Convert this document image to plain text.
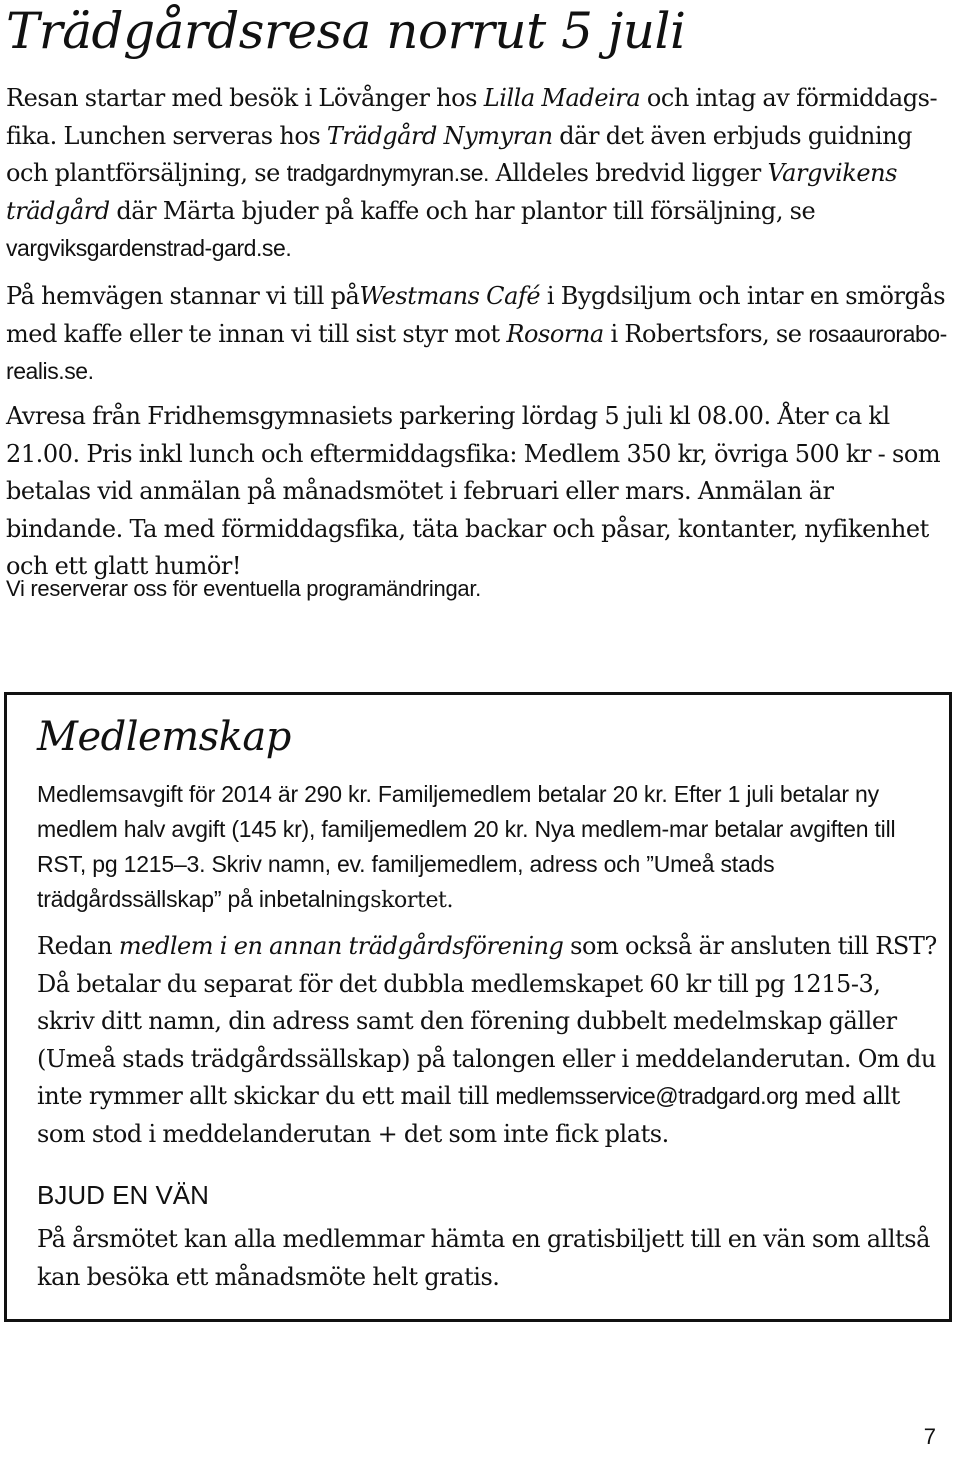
Trädgårdsresa norrut 5 juli

Resan startar med besök i Lövånger hos Lilla Madeira och intag av förmiddags-fika. Lunchen serveras hos Trädgård Nymyran där det även erbjuds guidning och plantförsäljning, se tradgardnymyran.se. Alldeles bredvid ligger Vargvikens trädgård där Märta bjuder på kaffe och har plantor till försäljning, se vargviksgardenstrad-gard.se.

På hemvägen stannar vi till påWestmans Café i Bygdsiljum och intar en smörgås med kaffe eller te innan vi till sist styr mot Rosorna i Robertsfors, se rosaaurorabo-realis.se.

Avresa från Fridhemsgymnasiets parkering lördag 5 juli kl 08.00. Åter ca kl 21.00. Pris inkl lunch och eftermiddagsfika: Medlem 350 kr, övriga 500 kr - som betalas vid anmälan på månadsmötet i februari eller mars. Anmälan är bindande. Ta med förmiddagsfika, täta backar och påsar, kontanter, nyfikenhet och ett glatt humör!

Vi reserverar oss för eventuella programändringar.

Medlemskap

Medlemsavgift för 2014 är 290 kr. Familjemedlem betalar 20 kr. Efter 1 juli betalar ny medlem halv avgift (145 kr), familjemedlem 20 kr. Nya medlem-mar betalar avgiften till RST, pg 1215–3. Skriv namn, ev. familjemedlem, adress och ”Umeå stads trädgårdssällskap” på inbetalningskortet.

Redan medlem i en annan trädgårdsförening som också är ansluten till RST? Då betalar du separat för det dubbla medlemskapet 60 kr till pg 1215-3, skriv ditt namn, din adress samt den förening dubbelt medelmskap gäller (Umeå stads trädgårdssällskap) på talongen eller i meddelanderutan. Om du inte rymmer allt skickar du ett mail till medlemsservice@tradgard.org med allt som stod i meddelanderutan + det som inte fick plats.

BJUD EN VÄN

På årsmötet kan alla medlemmar hämta en gratisbiljett till en vän som alltså kan besöka ett månadsmöte helt gratis.

7
